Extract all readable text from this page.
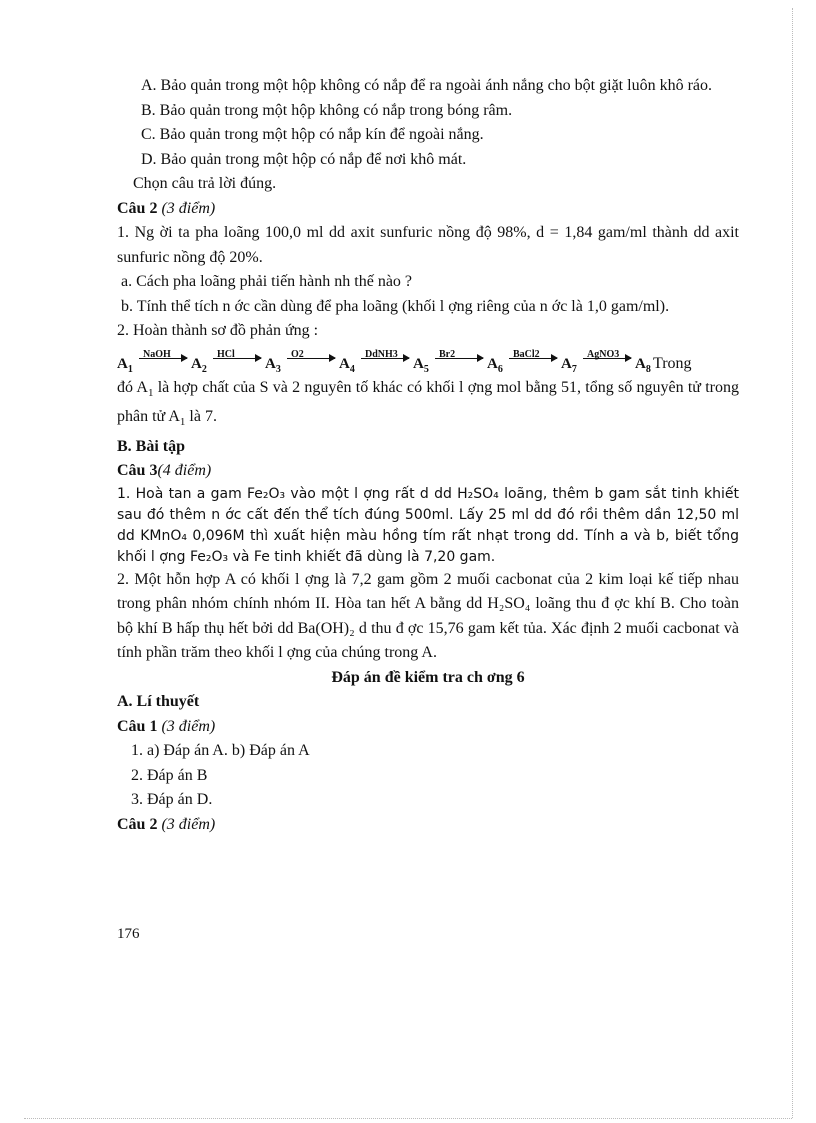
A. Bảo quản trong một hộp không có nắp để ra ngoài ánh nắng cho bột giặt luôn khô ráo.

B. Bảo quản trong một hộp không có nắp trong bóng râm.

C. Bảo quản trong một hộp có nắp kín để ngoài nắng.

D. Bảo quản trong một hộp có nắp để nơi khô mát.

Chọn câu trả lời đúng.

Câu 2 (3 điểm)

1. Ng ời ta pha loãng 100,0 ml dd axit sunfuric nồng độ 98%, d = 1,84 gam/ml thành dd axit sunfuric nồng độ 20%.

a. Cách pha loãng phải tiến hành nh thế nào ?

b. Tính thể tích n ớc cần dùng để pha loãng (khối l ợng riêng của n ớc là 1,0 gam/ml).

2. Hoàn thành sơ đồ phản ứng :

$A_1$
NaOH
$A_2$
HCl
$A_3$
O2
$A_4$
DdNH3
$A_5$
Br2
$A_6$
BaCl2
$A_7$
AgNO3
$A_8$ Trong

đó $A_1$ là hợp chất của S và 2 nguyên tố khác có khối l ợng mol bằng 51, tổng số nguyên tử trong phân tử $A_1$ là 7.

B. Bài tập

Câu 3(4 điểm)

1. Hoà tan a gam Fe₂O₃ vào một l ợng rất d dd H₂SO₄ loãng, thêm b gam sắt tinh khiết sau đó thêm n ớc cất đến thể tích đúng 500ml. Lấy 25 ml dd đó rồi thêm dần 12,50 ml dd KMnO₄ 0,096M thì xuất hiện màu hồng tím rất nhạt trong dd. Tính a và b, biết tổng khối l ợng Fe₂O₃ và Fe tinh khiết đã dùng là 7,20 gam.

2. Một hỗn hợp A có khối l ợng là 7,2 gam gồm 2 muối cacbonat của 2 kim loại kế tiếp nhau trong phân nhóm chính nhóm II. Hòa tan hết A bằng dd H₂SO₄ loãng thu đ ợc khí B. Cho toàn bộ khí B hấp thụ hết bởi dd Ba(OH)₂ d thu đ ợc 15,76 gam kết tủa. Xác định 2 muối cacbonat và tính phần trăm theo khối l ợng của chúng trong A.

Đáp án đề kiểm tra ch ơng 6

A. Lí thuyết

Câu 1 (3 điểm)

1. a) Đáp án A. b) Đáp án A

2. Đáp án B

3. Đáp án D.

Câu 2 (3 điểm)

176
